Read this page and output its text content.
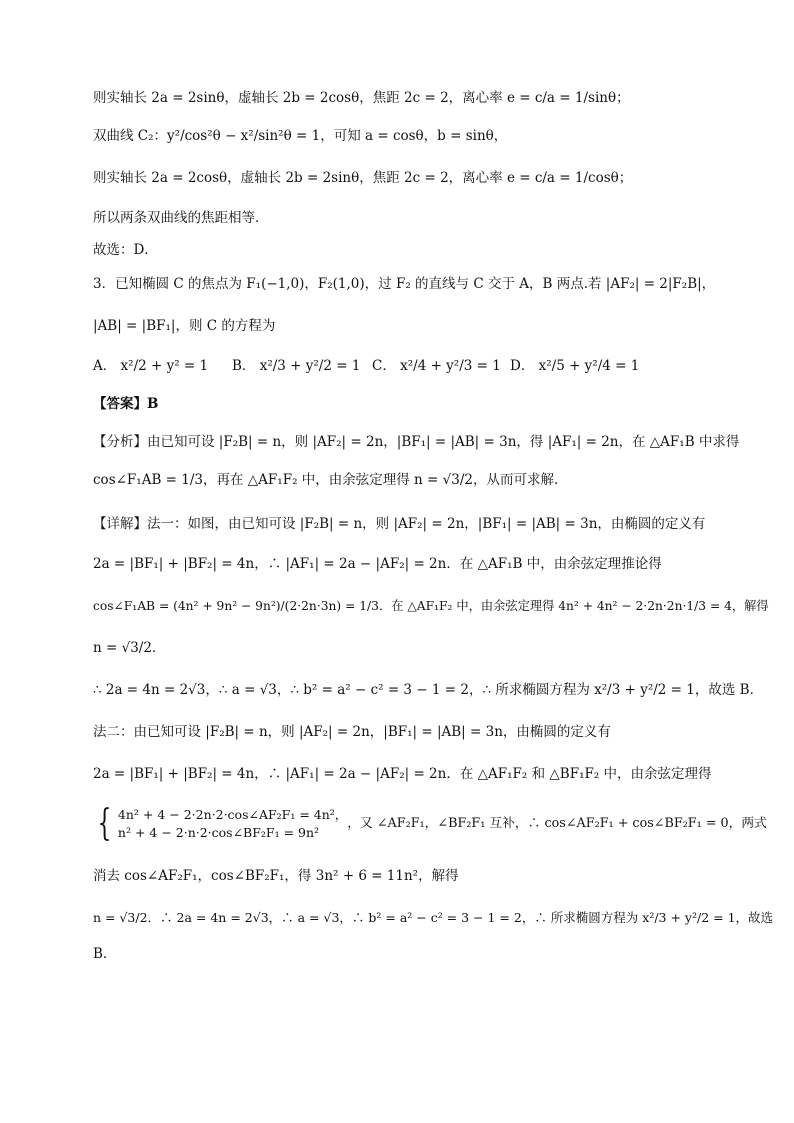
则实轴长 2a = 2sinθ，虚轴长 2b = 2cosθ，焦距 2c = 2，离心率 e = c/a = 1/sinθ；
双曲线 C₂：y²/cos²θ − x²/sin²θ = 1，可知 a = cosθ，b = sinθ，
则实轴长 2a = 2cosθ，虚轴长 2b = 2sinθ，焦距 2c = 2，离心率 e = c/a = 1/cosθ；
所以两条双曲线的焦距相等．
故选：D．
3．已知椭圆 C 的焦点为 F₁(−1,0)，F₂(1,0)，过 F₂ 的直线与 C 交于 A，B 两点.若 |AF₂| = 2|F₂B|，
|AB| = |BF₁|，则 C 的方程为
A． x²/2 + y² = 1 B． x²/3 + y²/2 = 1 C． x²/4 + y²/3 = 1 D． x²/5 + y²/4 = 1
【答案】B
【分析】由已知可设 |F₂B| = n，则 |AF₂| = 2n，|BF₁| = |AB| = 3n，得 |AF₁| = 2n，在 △AF₁B 中求得
cos∠F₁AB = 1/3，再在 △AF₁F₂ 中，由余弦定理得 n = √3/2，从而可求解.
【详解】法一：如图，由已知可设 |F₂B| = n，则 |AF₂| = 2n，|BF₁| = |AB| = 3n，由椭圆的定义有
2a = |BF₁| + |BF₂| = 4n，∴ |AF₁| = 2a − |AF₂| = 2n．在 △AF₁B 中，由余弦定理推论得
cos∠F₁AB = (4n² + 9n² − 9n²)/(2·2n·3n) = 1/3．在 △AF₁F₂ 中，由余弦定理得 4n² + 4n² − 2·2n·2n·1/3 = 4，解得
n = √3/2．
∴ 2a = 4n = 2√3，∴ a = √3，∴ b² = a² − c² = 3 − 1 = 2，∴ 所求椭圆方程为 x²/3 + y²/2 = 1，故选 B．
法二：由已知可设 |F₂B| = n，则 |AF₂| = 2n，|BF₁| = |AB| = 3n，由椭圆的定义有
2a = |BF₁| + |BF₂| = 4n，∴ |AF₁| = 2a − |AF₂| = 2n．在 △AF₁F₂ 和 △BF₁F₂ 中，由余弦定理得
{ 4n² + 4 − 2·2n·2·cos∠AF₂F₁ = 4n²，
n² + 4 − 2·n·2·cos∠BF₂F₁ = 9n²
，又 ∠AF₂F₁，∠BF₂F₁ 互补，∴ cos∠AF₂F₁ + cos∠BF₂F₁ = 0，两式
消去 cos∠AF₂F₁，cos∠BF₂F₁，得 3n² + 6 = 11n²，解得
n = √3/2．∴ 2a = 4n = 2√3，∴ a = √3，∴ b² = a² − c² = 3 − 1 = 2，∴ 所求椭圆方程为 x²/3 + y²/2 = 1，故选
B．
